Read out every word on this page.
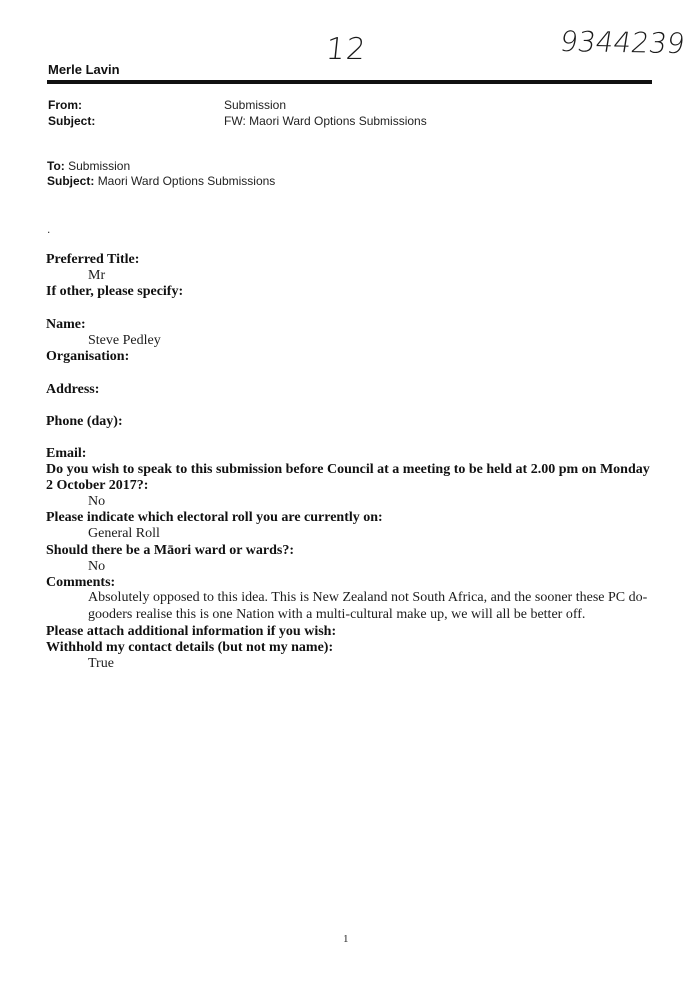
12	9344239
Merle Lavin
From:	Submission
Subject:	FW: Maori Ward Options Submissions
To: Submission
Subject: Maori Ward Options Submissions
.
Preferred Title:
Mr
If other, please specify:
Name:
Steve Pedley
Organisation:
Address:
Phone (day):
Email:
Do you wish to speak to this submission before Council at a meeting to be held at 2.00 pm on Monday 2 October 2017?:
No
Please indicate which electoral roll you are currently on:
General Roll
Should there be a Māori ward or wards?:
No
Comments:
Absolutely opposed to this idea. This is New Zealand not South Africa, and the sooner these PC do-gooders realise this is one Nation with a multi-cultural make up, we will all be better off.
Please attach additional information if you wish:
Withhold my contact details (but not my name):
True
1
